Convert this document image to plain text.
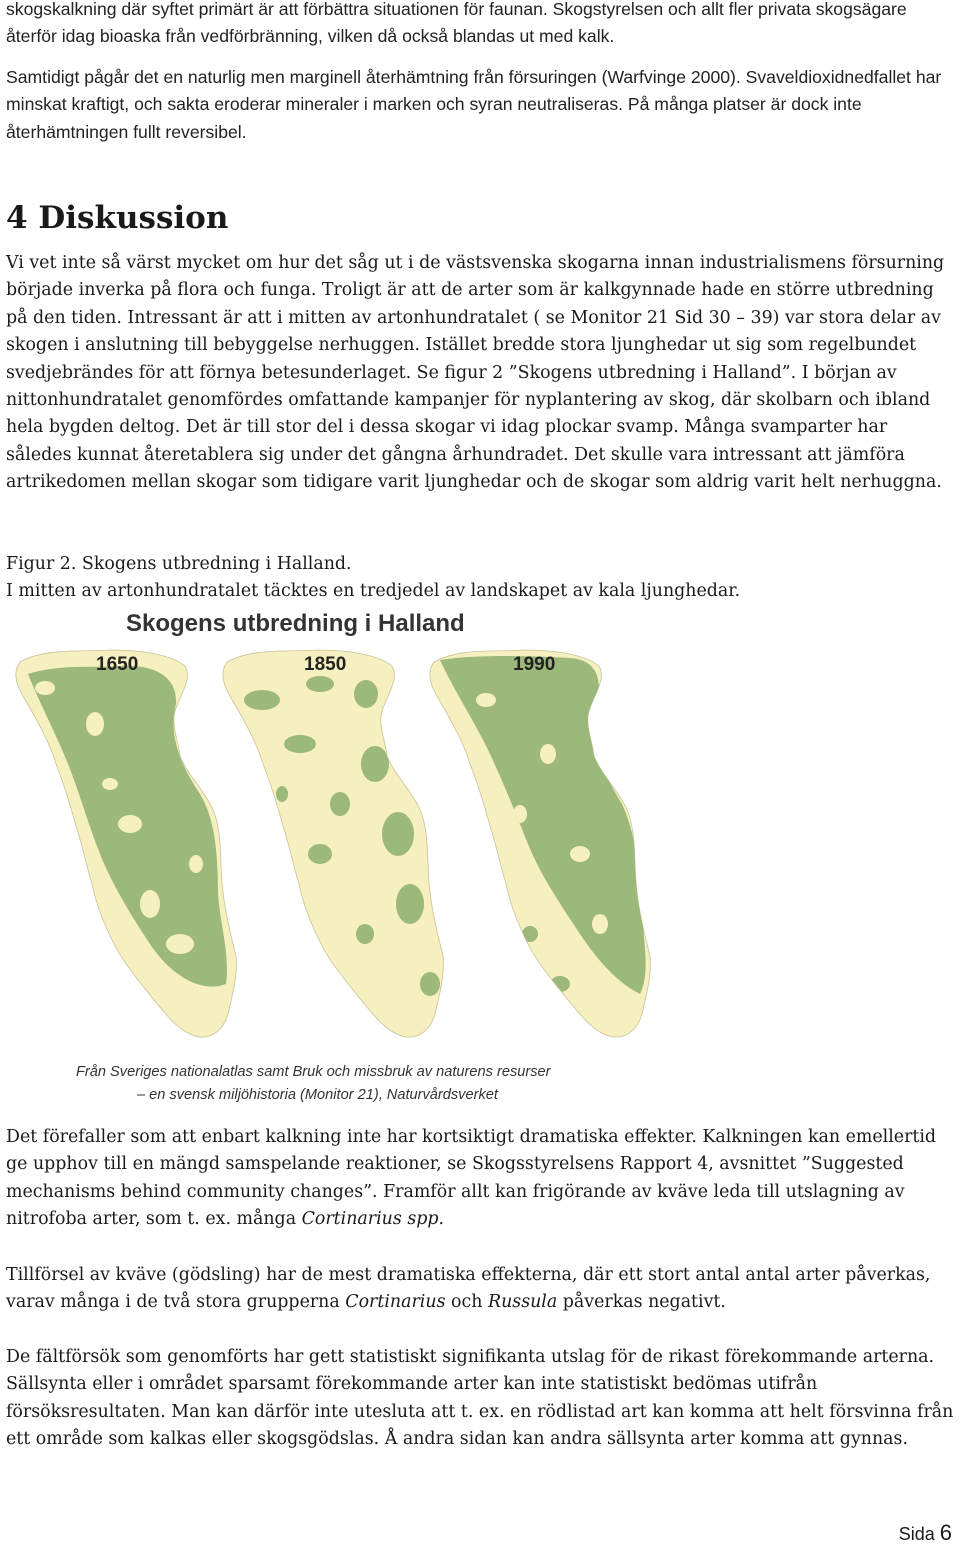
skogskalkning där syftet primärt är att förbättra situationen för faunan. Skogstyrelsen och allt fler privata skogsägare återför idag bioaska från vedförbränning, vilken då också blandas ut med kalk.

Samtidigt pågår det en naturlig men marginell återhämtning från försuringen (Warfvinge 2000). Svaveldioxidnedfallet har minskat kraftigt, och sakta eroderar mineraler i marken och syran neutraliseras. På många platser är dock inte återhämtningen fullt reversibel.

4 Diskussion

Vi vet inte så värst mycket om hur det såg ut i de västsvenska skogarna innan industrialismens försurning började inverka på flora och funga. Troligt är att de arter som är kalkgynnade hade en större utbredning på den tiden. Intressant är att i mitten av artonhundratalet ( se Monitor 21 Sid 30 – 39) var stora delar av skogen i anslutning till bebyggelse nerhuggen. Istället bredde stora ljunghedar ut sig som regelbundet svedjebrändes för att förnya betesunderlaget. Se figur 2 ”Skogens utbredning i Halland”. I början av nittonhundratalet genomfördes omfattande kampanjer för nyplantering av skog, där skolbarn och ibland hela bygden deltog. Det är till stor del i dessa skogar vi idag plockar svamp. Många svamparter har således kunnat återetablera sig under det gångna århundradet. Det skulle vara intressant att jämföra artrikedomen mellan skogar som tidigare varit ljunghedar och de skogar som aldrig varit helt nerhuggna.

Figur 2. Skogens utbredning i Halland.

I mitten av artonhundratalet täcktes en tredjedel av landskapet av kala ljunghedar.

Skogens utbredning i Halland

1650	1850	1990

Från Sveriges nationalatlas samt Bruk och missbruk av naturens resurser

– en svensk miljöhistoria (Monitor 21), Naturvårdsverket

Det förefaller som att enbart kalkning inte har kortsiktigt dramatiska effekter. Kalkningen kan emellertid ge upphov till en mängd samspelande reaktioner, se Skogsstyrelsens Rapport 4, avsnittet ”Suggested mechanisms behind community changes”. Framför allt kan frigörande av kväve leda till utslagning av nitrofoba arter, som t. ex. många Cortinarius spp.

Tillförsel av kväve (gödsling) har de mest dramatiska effekterna, där ett stort antal antal arter påverkas, varav många i de två stora grupperna Cortinarius och Russula påverkas negativt.

De fältförsök som genomförts har gett statistiskt signifikanta utslag för de rikast förekommande arterna. Sällsynta eller i området sparsamt förekommande arter kan inte statistiskt bedömas utifrån försöksresultaten. Man kan därför inte utesluta att t. ex. en rödlistad art kan komma att helt försvinna från ett område som kalkas eller skogsgödslas. Å andra sidan kan andra sällsynta arter komma att gynnas.

Sida 6
